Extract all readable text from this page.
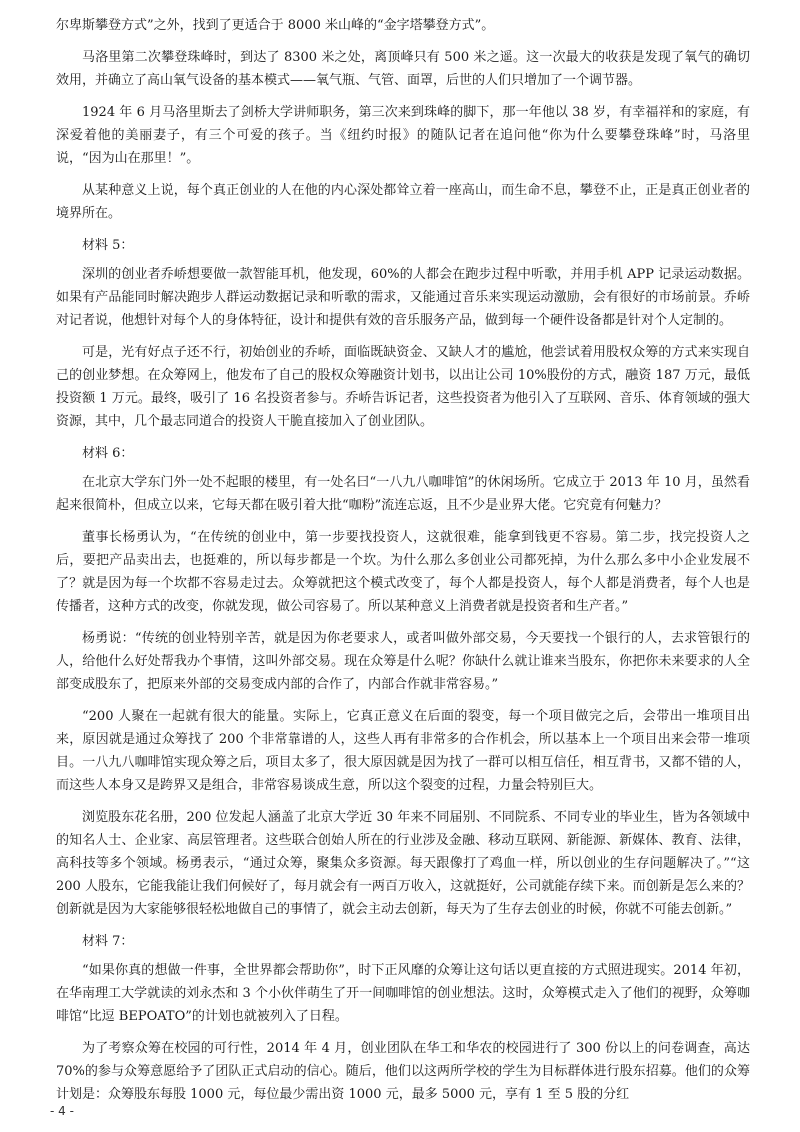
尔卑斯攀登方式”之外，找到了更适合于 8000 米山峰的“金字塔攀登方式”。

马洛里第二次攀登珠峰时，到达了 8300 米之处，离顶峰只有 500 米之遥。这一次最大的收获是发现了氧气的确切效用，并确立了高山氧气设备的基本模式——氧气瓶、气管、面罩，后世的人们只增加了一个调节器。

1924 年 6 月马洛里斯去了剑桥大学讲师职务，第三次来到珠峰的脚下，那一年他以 38 岁，有幸福祥和的家庭，有深爱着他的美丽妻子，有三个可爱的孩子。当《纽约时报》的随队记者在追问他“你为什么要攀登珠峰”时，马洛里说，“因为山在那里！”。

从某种意义上说，每个真正创业的人在他的内心深处都耸立着一座高山，而生命不息，攀登不止，正是真正创业者的境界所在。

材料 5：

深圳的创业者乔峤想要做一款智能耳机，他发现，60%的人都会在跑步过程中听歌，并用手机 APP 记录运动数据。如果有产品能同时解决跑步人群运动数据记录和听歌的需求，又能通过音乐来实现运动激励，会有很好的市场前景。乔峤对记者说，他想针对每个人的身体特征，设计和提供有效的音乐服务产品，做到每一个硬件设备都是针对个人定制的。

可是，光有好点子还不行，初始创业的乔峤，面临既缺资金、又缺人才的尴尬，他尝试着用股权众筹的方式来实现自己的创业梦想。在众筹网上，他发布了自己的股权众筹融资计划书，以出让公司 10%股份的方式，融资 187 万元，最低投资额 1 万元。最终，吸引了 16 名投资者参与。乔峤告诉记者，这些投资者为他引入了互联网、音乐、体育领域的强大资源，其中，几个最志同道合的投资人干脆直接加入了创业团队。

材料 6：

在北京大学东门外一处不起眼的楼里，有一处名曰“一八九八咖啡馆”的休闲场所。它成立于 2013 年 10 月，虽然看起来很简朴，但成立以来，它每天都在吸引着大批“咖粉”流连忘返，且不少是业界大佬。它究竟有何魅力？

董事长杨勇认为，“在传统的创业中，第一步要找投资人，这就很难，能拿到钱更不容易。第二步，找完投资人之后，要把产品卖出去，也挺难的，所以每步都是一个坎。为什么那么多创业公司都死掉，为什么那么多中小企业发展不了？就是因为每一个坎都不容易走过去。众筹就把这个模式改变了，每个人都是投资人，每个人都是消费者，每个人也是传播者，这种方式的改变，你就发现，做公司容易了。所以某种意义上消费者就是投资者和生产者。”

杨勇说：“传统的创业特别辛苦，就是因为你老要求人，或者叫做外部交易，今天要找一个银行的人，去求管银行的人，给他什么好处帮我办个事情，这叫外部交易。现在众筹是什么呢？你缺什么就让谁来当股东，你把你未来要求的人全部变成股东了，把原来外部的交易变成内部的合作了，内部合作就非常容易。”

“200 人聚在一起就有很大的能量。实际上，它真正意义在后面的裂变，每一个项目做完之后，会带出一堆项目出来，原因就是通过众筹找了 200 个非常靠谱的人，这些人再有非常多的合作机会，所以基本上一个项目出来会带一堆项目。一八九八咖啡馆实现众筹之后，项目太多了，很大原因就是因为找了一群可以相互信任，相互背书，又都不错的人，而这些人本身又是跨界又是组合，非常容易谈成生意，所以这个裂变的过程，力量会特别巨大。

浏览股东花名册，200 位发起人涵盖了北京大学近 30 年来不同届别、不同院系、不同专业的毕业生，皆为各领域中的知名人士、企业家、高层管理者。这些联合创始人所在的行业涉及金融、移动互联网、新能源、新媒体、教育、法律，高科技等多个领域。杨勇表示，“通过众筹，聚集众多资源。每天跟像打了鸡血一样，所以创业的生存问题解决了。”“这 200 人股东，它能我能让我们何候好了，每月就会有一两百万收入，这就挺好，公司就能存续下来。而创新是怎么来的？创新就是因为大家能够很轻松地做自己的事情了，就会主动去创新，每天为了生存去创业的时候，你就不可能去创新。”

材料 7：

“如果你真的想做一件事，全世界都会帮助你”，时下正风靡的众筹让这句话以更直接的方式照进现实。2014 年初，在华南理工大学就读的刘永杰和 3 个小伙伴萌生了开一间咖啡馆的创业想法。这时，众筹模式走入了他们的视野，众筹咖啡馆“比逗 BEPOATO”的计划也就被列入了日程。

为了考察众筹在校园的可行性，2014 年 4 月，创业团队在华工和华农的校园进行了 300 份以上的问卷调查，高达 70%的参与众筹意愿给予了团队正式启动的信心。随后，他们以这两所学校的学生为目标群体进行股东招募。他们的众筹计划是：众筹股东每股 1000 元，每位最少需出资 1000 元，最多 5000 元，享有 1 至 5 股的分红

- 4 -
